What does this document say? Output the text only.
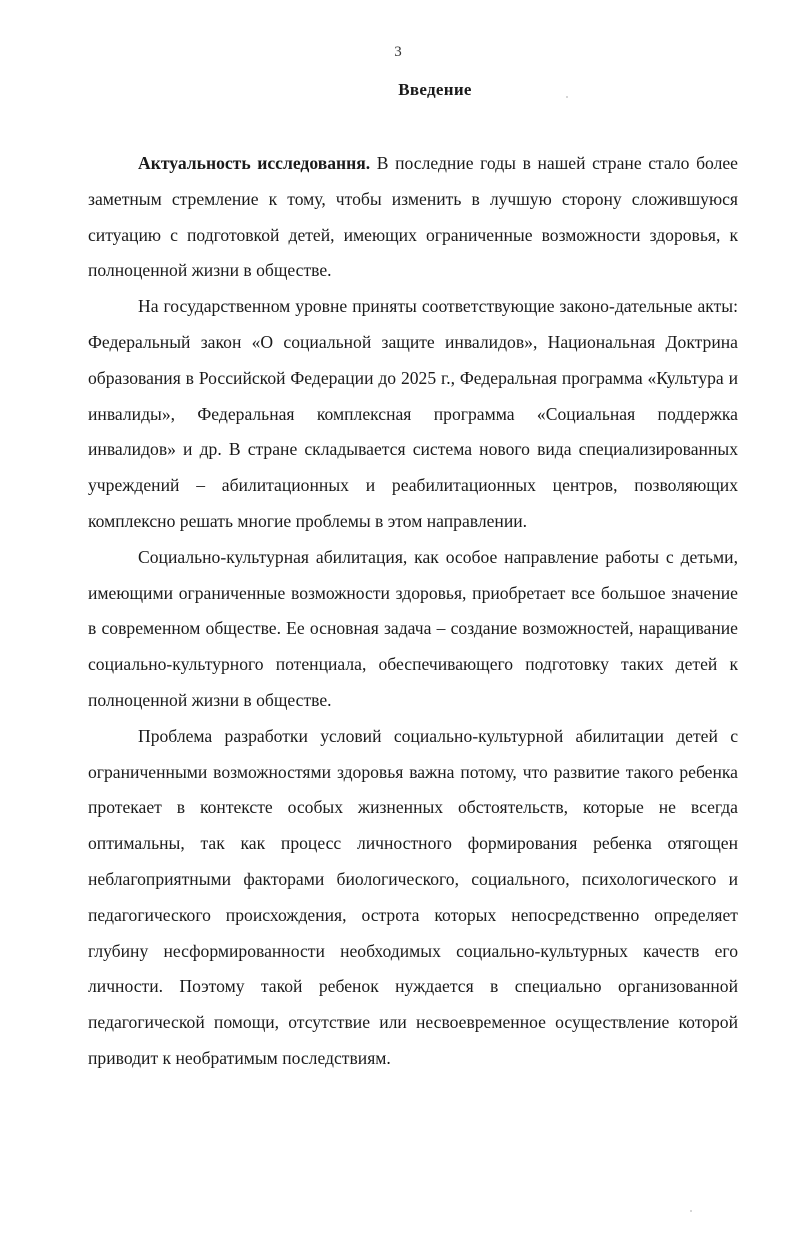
3
Введение

Актуальность исследовання. В последние годы в нашей стране стало более заметным стремление к тому, чтобы изменить в лучшую сторону сложившуюся ситуацию с подготовкой детей, имеющих ограниченные возможности здоровья, к полноценной жизни в обществе.

На государственном уровне приняты соответствующие законо-дательные акты: Федеральный закон «О социальной защите инвалидов», Национальная Доктрина образования в Российской Федерации до 2025 г., Федеральная программа «Культура и инвалиды», Федеральная комплексная программа «Социальная поддержка инвалидов» и др. В стране складывается система нового вида специализированных учреждений – абилитационных и реабилитационных центров, позволяющих комплексно решать многие проблемы в этом направлении.

Социально-культурная абилитация, как особое направление работы с детьми, имеющими ограниченные возможности здоровья, приобретает все большое значение в современном обществе. Ее основная задача – создание возможностей, наращивание социально-культурного потенциала, обеспечивающего подготовку таких детей к полноценной жизни в обществе.

Проблема разработки условий социально-культурной абилитации детей с ограниченными возможностями здоровья важна потому, что развитие такого ребенка протекает в контексте особых жизненных обстоятельств, которые не всегда оптимальны, так как процесс личностного формирования ребенка отягощен неблагоприятными факторами биологического, социального, психологического и педагогического происхождения, острота которых непосредственно определяет глубину несформированности необходимых социально-культурных качеств его личности. Поэтому такой ребенок нуждается в специально организованной педагогической помощи, отсутствие или несвоевременное осуществление которой приводит к необратимым последствиям.
